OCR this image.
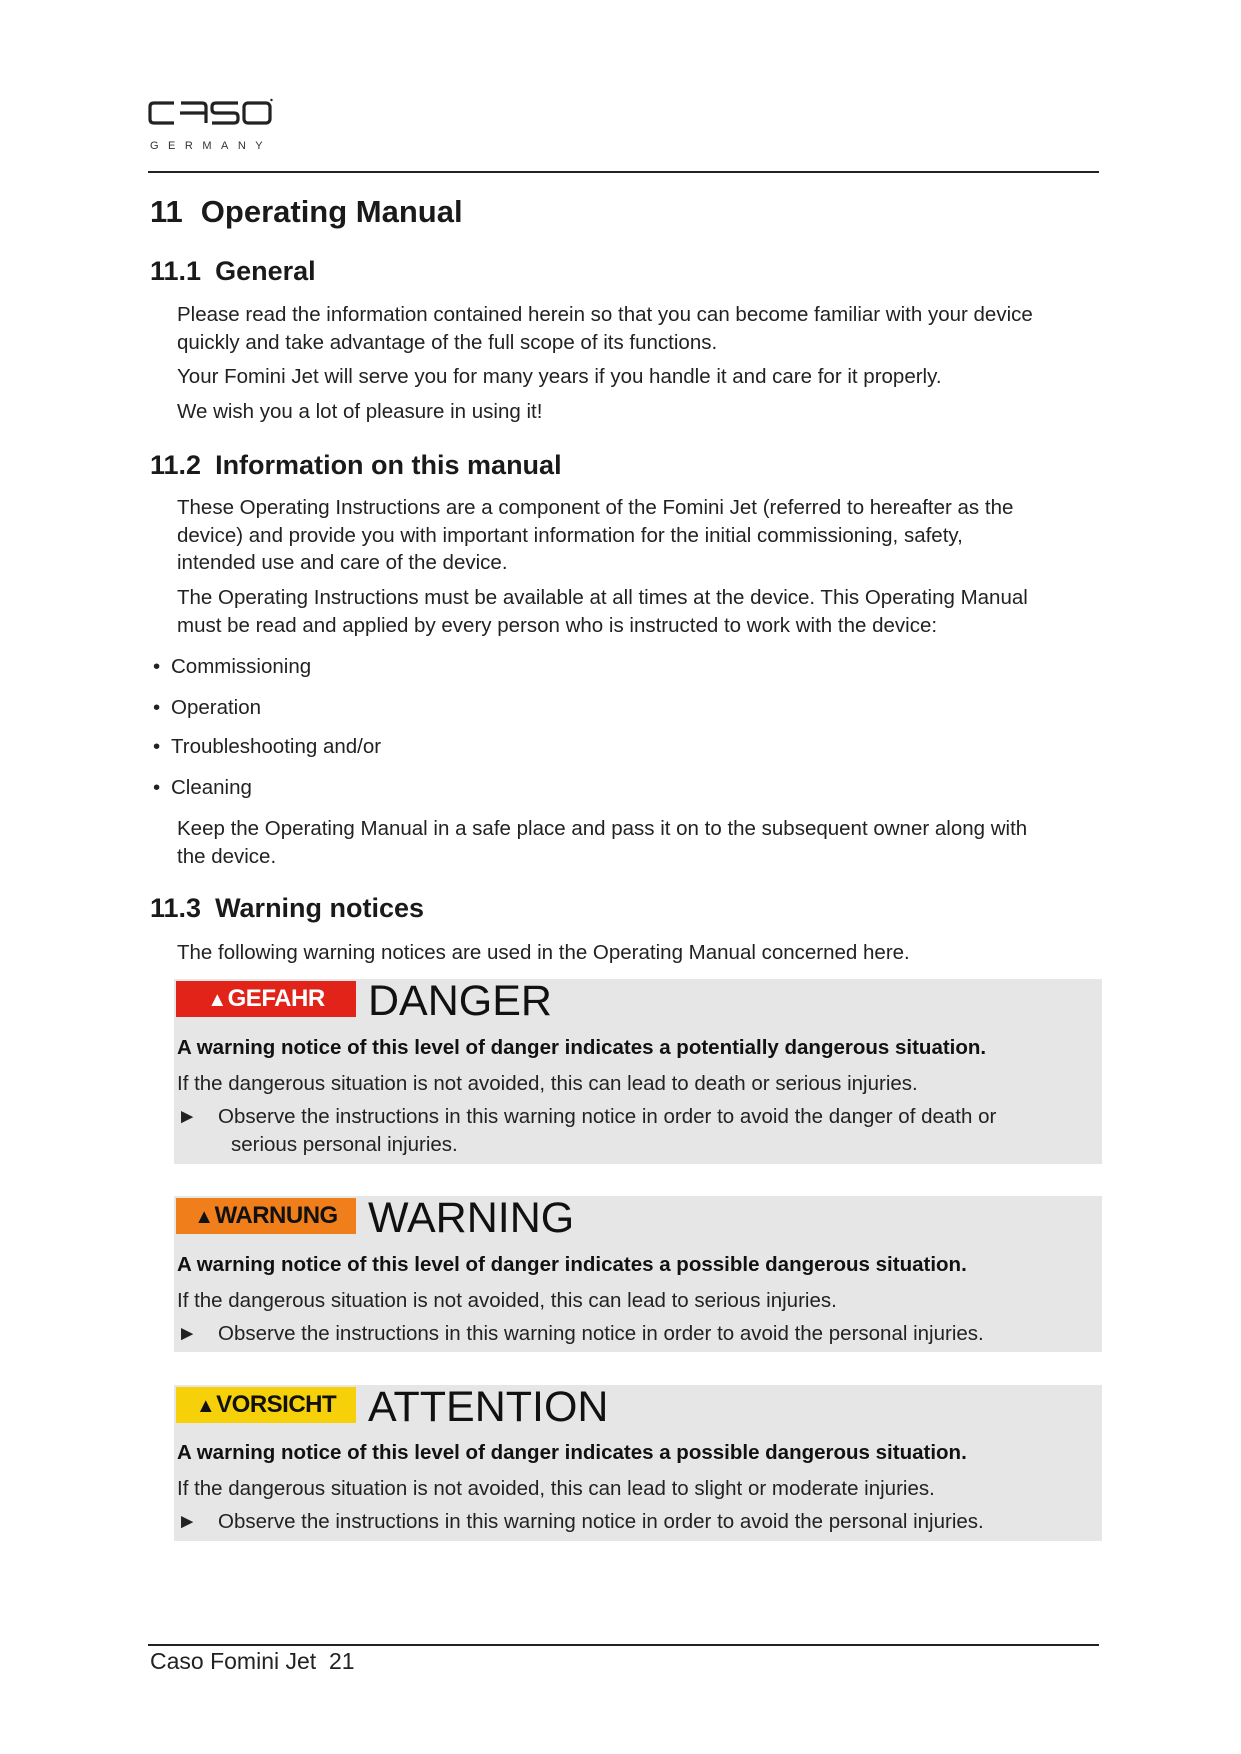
GERMANY
11 Operating Manual
11.1 General
Please read the information contained herein so that you can become familiar with your device
quickly and take advantage of the full scope of its functions.
Your Fomini Jet will serve you for many years if you handle it and care for it properly.
We wish you a lot of pleasure in using it!
11.2 Information on this manual
These Operating Instructions are a component of the Fomini Jet (referred to hereafter as the
device) and provide you with important information for the initial commissioning, safety,
intended use and care of the device.
The Operating Instructions must be available at all times at the device. This Operating Manual
must be read and applied by every person who is instructed to work with the device:
• Commissioning
• Operation
• Troubleshooting and/or
• Cleaning
Keep the Operating Manual in a safe place and pass it on to the subsequent owner along with
the device.
11.3 Warning notices
The following warning notices are used in the Operating Manual concerned here.
▲GEFAHR	DANGER
A warning notice of this level of danger indicates a potentially dangerous situation.
If the dangerous situation is not avoided, this can lead to death or serious injuries.
► Observe the instructions in this warning notice in order to avoid the danger of death or
serious personal injuries.
▲WARNUNG WARNING
A warning notice of this level of danger indicates a possible dangerous situation.
If the dangerous situation is not avoided, this can lead to serious injuries.
► Observe the instructions in this warning notice in order to avoid the personal injuries.
▲VORSICHT ATTENTION
A warning notice of this level of danger indicates a possible dangerous situation.
If the dangerous situation is not avoided, this can lead to slight or moderate injuries.
► Observe the instructions in this warning notice in order to avoid the personal injuries.
Caso Fomini Jet  21
